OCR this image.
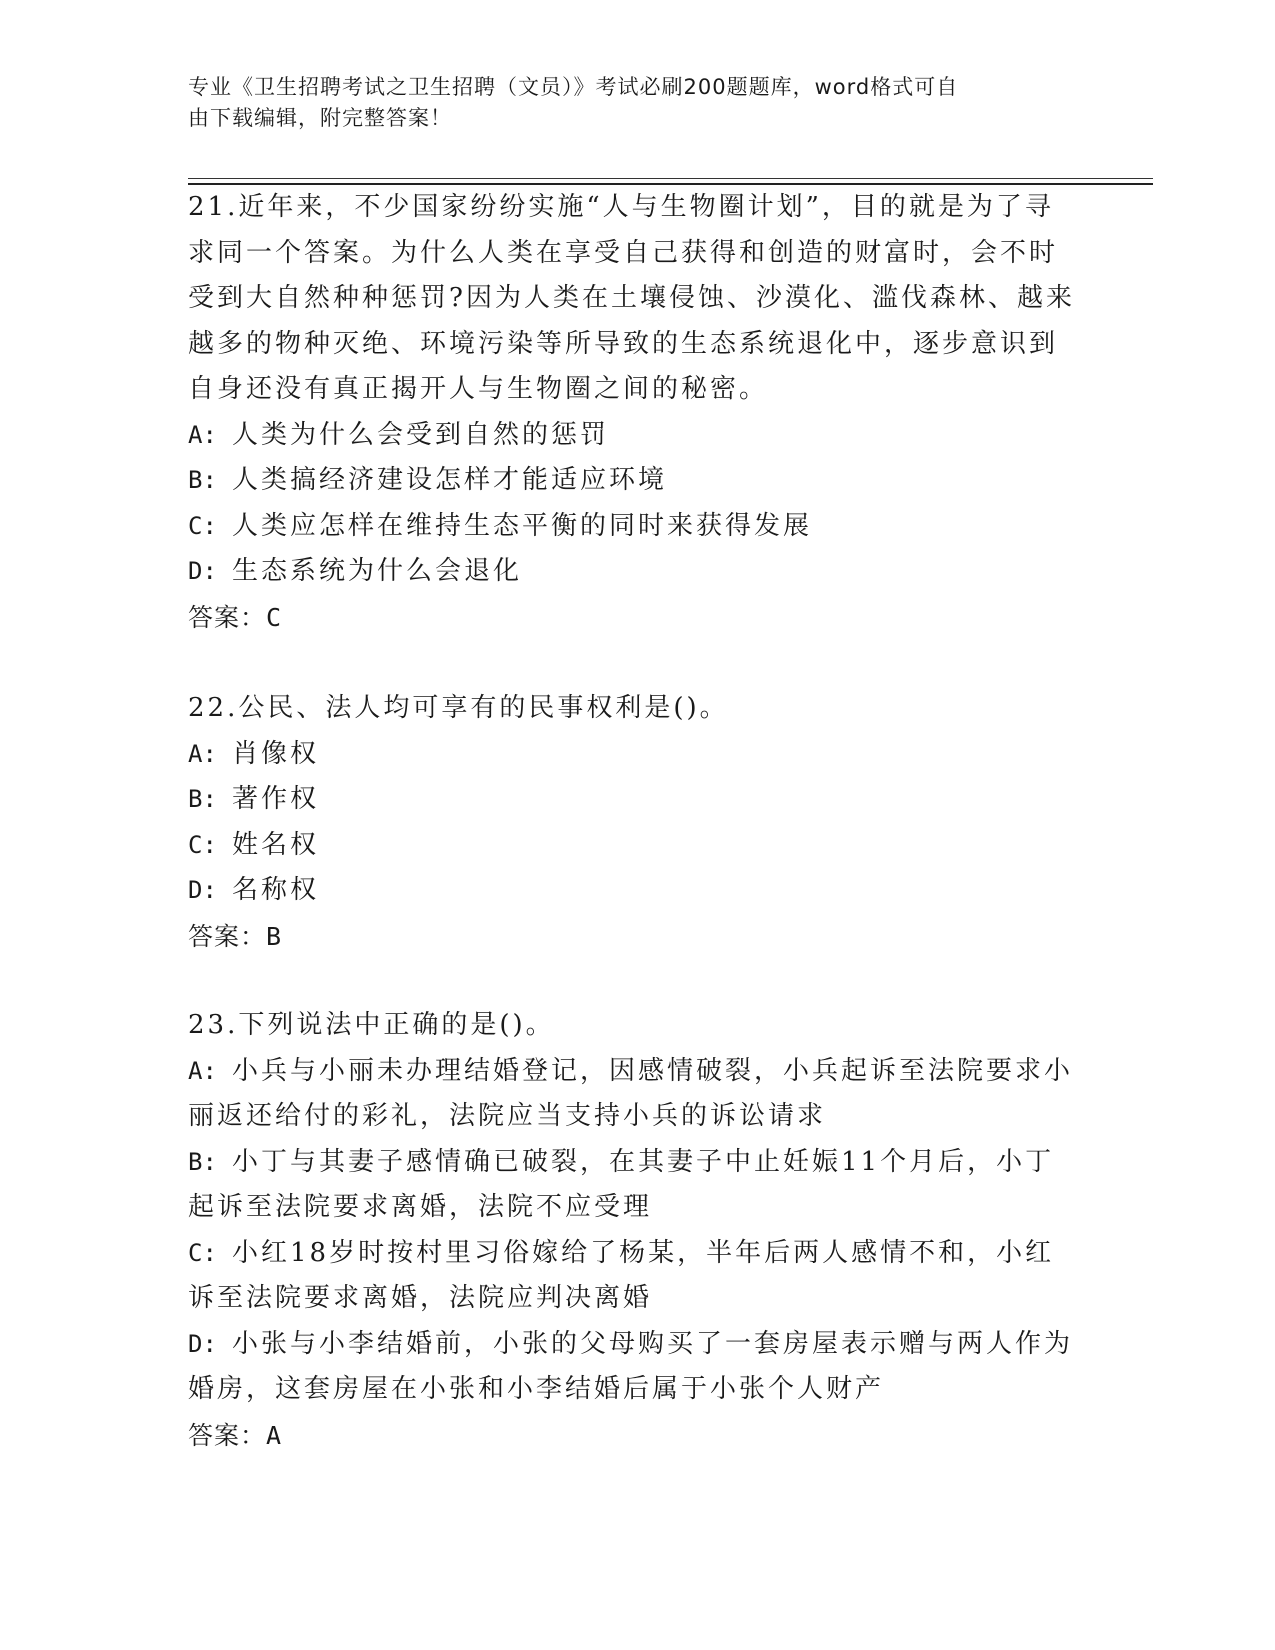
专业《卫生招聘考试之卫生招聘（文员）》考试必刷200题题库，word格式可自
由下载编辑，附完整答案！

21.近年来，不少国家纷纷实施“人与生物圈计划”，目的就是为了寻

求同一个答案。为什么人类在享受自己获得和创造的财富时，会不时

受到大自然种种惩罚?因为人类在土壤侵蚀、沙漠化、滥伐森林、越来

越多的物种灭绝、环境污染等所导致的生态系统退化中，逐步意识到

自身还没有真正揭开人与生物圈之间的秘密。

A: 人类为什么会受到自然的惩罚

B: 人类搞经济建设怎样才能适应环境

C: 人类应怎样在维持生态平衡的同时来获得发展

D: 生态系统为什么会退化

答案：C

22.公民、法人均可享有的民事权利是()。

A: 肖像权

B: 著作权

C: 姓名权

D: 名称权

答案：B

23.下列说法中正确的是()。

A: 小兵与小丽未办理结婚登记，因感情破裂，小兵起诉至法院要求小

丽返还给付的彩礼，法院应当支持小兵的诉讼请求

B: 小丁与其妻子感情确已破裂，在其妻子中止妊娠11个月后，小丁

起诉至法院要求离婚，法院不应受理

C: 小红18岁时按村里习俗嫁给了杨某，半年后两人感情不和，小红

诉至法院要求离婚，法院应判决离婚

D: 小张与小李结婚前，小张的父母购买了一套房屋表示赠与两人作为

婚房，这套房屋在小张和小李结婚后属于小张个人财产

答案：A
